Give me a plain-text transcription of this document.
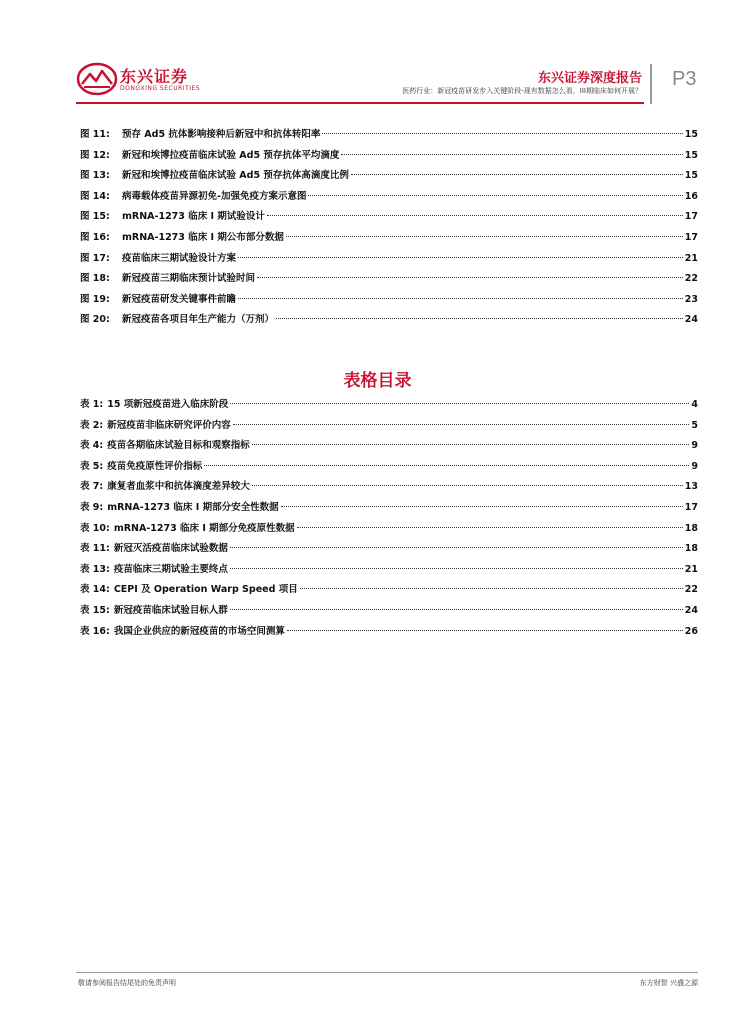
东兴证券
DONGXING SECURITIES
东兴证券深度报告
医药行业：新冠疫苗研发步入关键阶段-现有数据怎么看，III期临床如何开展？
P3
图 11:	预存 Ad5 抗体影响接种后新冠中和抗体转阳率	15
图 12:	新冠和埃博拉疫苗临床试验 Ad5 预存抗体平均滴度	15
图 13:	新冠和埃博拉疫苗临床试验 Ad5 预存抗体高滴度比例	15
图 14:	病毒载体疫苗异源初免-加强免疫方案示意图	16
图 15:	mRNA-1273 临床 I 期试验设计	17
图 16:	mRNA-1273 临床 I 期公布部分数据	17
图 17:	疫苗临床三期试验设计方案	21
图 18:	新冠疫苗三期临床预计试验时间	22
图 19:	新冠疫苗研发关键事件前瞻	23
图 20:	新冠疫苗各项目年生产能力（万剂）	24
表格目录
表 1: 15 项新冠疫苗进入临床阶段	4
表 2: 新冠疫苗非临床研究评价内容	5
表 4: 疫苗各期临床试验目标和观察指标	9
表 5: 疫苗免疫原性评价指标	9
表 7: 康复者血浆中和抗体滴度差异较大	13
表 9: mRNA-1273 临床 I 期部分安全性数据	17
表 10: mRNA-1273 临床 I 期部分免疫原性数据	18
表 11: 新冠灭活疫苗临床试验数据	18
表 13: 疫苗临床三期试验主要终点	21
表 14: CEPI 及 Operation Warp Speed 项目	22
表 15: 新冠疫苗临床试验目标人群	24
表 16: 我国企业供应的新冠疫苗的市场空间测算	26
敬请参阅报告结尾处的免责声明	东方财智 兴盛之源
